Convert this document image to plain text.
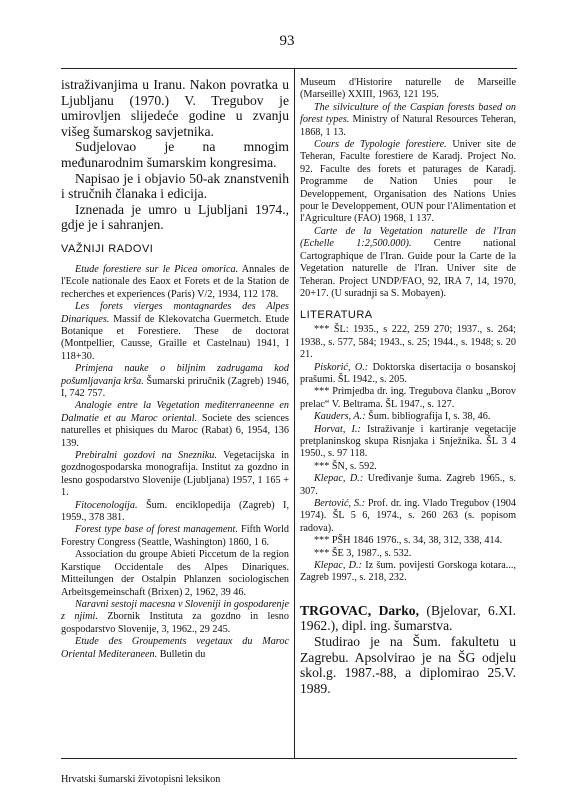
93

istraživanjima u Iranu. Nakon povratka u Ljubljanu (1970.) V. Tregubov je umirovljen slijedeće godine u zvanju višeg šumarskog savjetnika.

Sudjelovao je na mnogim međunarodnim šumarskim kongresima.

Napisao je i objavio 50-ak znanstvenih i stručnih članaka i edicija.

Iznenada je umro u Ljubljani 1974., gdje je i sahranjen.

VAŽNIJI RADOVI

Etude forestiere sur le Picea omorica. Annales de l'Ecole nationale des Eaox et Forets et de la Station de recherches et experiences (Paris) V/2, 1934, 112 178.

Les forets vierges montagnardes des Alpes Dinariques. Massif de Klekovatcha Guermetch. Etude Botanique et Forestiere. These de doctorat (Montpellier, Causse, Graille et Castelnau) 1941, I 118+30.

Primjena nauke o biljnim zadrugama kod pošumljavanja krša. Šumarski priručnik (Zagreb) 1946, I, 742 757.

Analogie entre la Vegetation mediterraneenne en Dalmatie et au Maroc oriental. Societe des sciences naturelles et phisiques du Maroc (Rabat) 6, 1954, 136 139.

Prebiralni gozdovi na Snezniku. Vegetacijska in gozdnogospodarska monografija. Institut za gozdno in lesno gospodarstvo Slovenije (Ljubljana) 1957, 1 165 + 1.

Fitocenologija. Šum. enciklopedija (Zagreb) I, 1959., 378 381.

Forest type base of forest management. Fifth World Forestry Congress (Seattle, Washington) 1860, 1 6.

Association du groupe Abieti Piccetum de la region Karstique Occidentale des Alpes Dinariques. Mitteilungen der Ostalpin Phlanzen sociologischen Arbeitsgemeinschaft (Brixen) 2, 1962, 39 46.

Naravni sestoji macesna v Sloveniji in gospodarenje z njimi. Zbornik Instituta za gozdno in lesno gospodarstvo Slovenije, 3, 1962., 29 245.

Etude des Groupements vegetaux du Maroc Oriental Mediteraneen. Bulletin du

Museum d'Historire naturelle de Marseille (Marseille) XXIII, 1963, 121 195.

The silviculture of the Caspian forests based on forest types. Ministry of Natural Resources Teheran, 1868, 1 13.

Cours de Typologie forestiere. Univer site de Teheran, Faculte forestiere de Karadj. Project No. 92. Faculte des forets et paturages de Karadj. Programme de Nation Unies pour le Developpement, Organisation des Nations Unies pour le Developpement, OUN pour l'Alimentation et l'Agriculture (FAO) 1968, 1 137.

Carte de la Vegetation naturelle de l'Iran (Echelle 1:2,500.000). Centre national Cartographique de l'Iran. Guide pour la Carte de la Vegetation naturelle de l'Iran. Univer site de Teheran. Project UNDP/FAO, 92, IRA 7, 14, 1970, 20+17. (U suradnji sa S. Mobayen).

LITERATURA

*** ŠL: 1935., s 222, 259 270; 1937., s. 264; 1938., s. 577, 584; 1943., s. 25; 1944., s. 1948; s. 20 21.

Piskorić, O.: Doktorska disertacija o bosanskoj prašumi. ŠL 1942., s. 205.

*** Primjedba dr. ing. Tregubova članku „Borov prelac“ V. Beltrama. ŠL 1947., s. 127.

Kauders, A.: Šum. bibliografija I, s. 38, 46.

Horvat, I.: Istraživanje i kartiranje vegetacije pretplaninskog skupa Risnjaka i Snježnika. ŠL 3 4 1950., s. 97 118.

*** ŠN, s. 592.

Klepac, D.: Uređivanje šuma. Zagreb 1965., s. 307.

Bertović, S.: Prof. dr. ing. Vlado Tregubov (1904 1974). ŠL 5 6, 1974., s. 260 263 (s. popisom radova).

*** PŠH 1846 1976., s. 34, 38, 312, 338, 414.

*** ŠE 3, 1987., s. 532.

Klepac, D.: Iz šum. povijesti Gorskoga kotara..., Zagreb 1997., s. 218, 232.

TRGOVAC, Darko, (Bjelovar, 6.XI. 1962.), dipl. ing. šumarstva.

Studirao je na Šum. fakultetu u Zagrebu. Apsolvirao je na ŠG odjelu skol.g. 1987.-88, a diplomirao 25.V. 1989.

Hrvatski šumarski životopisni leksikon
